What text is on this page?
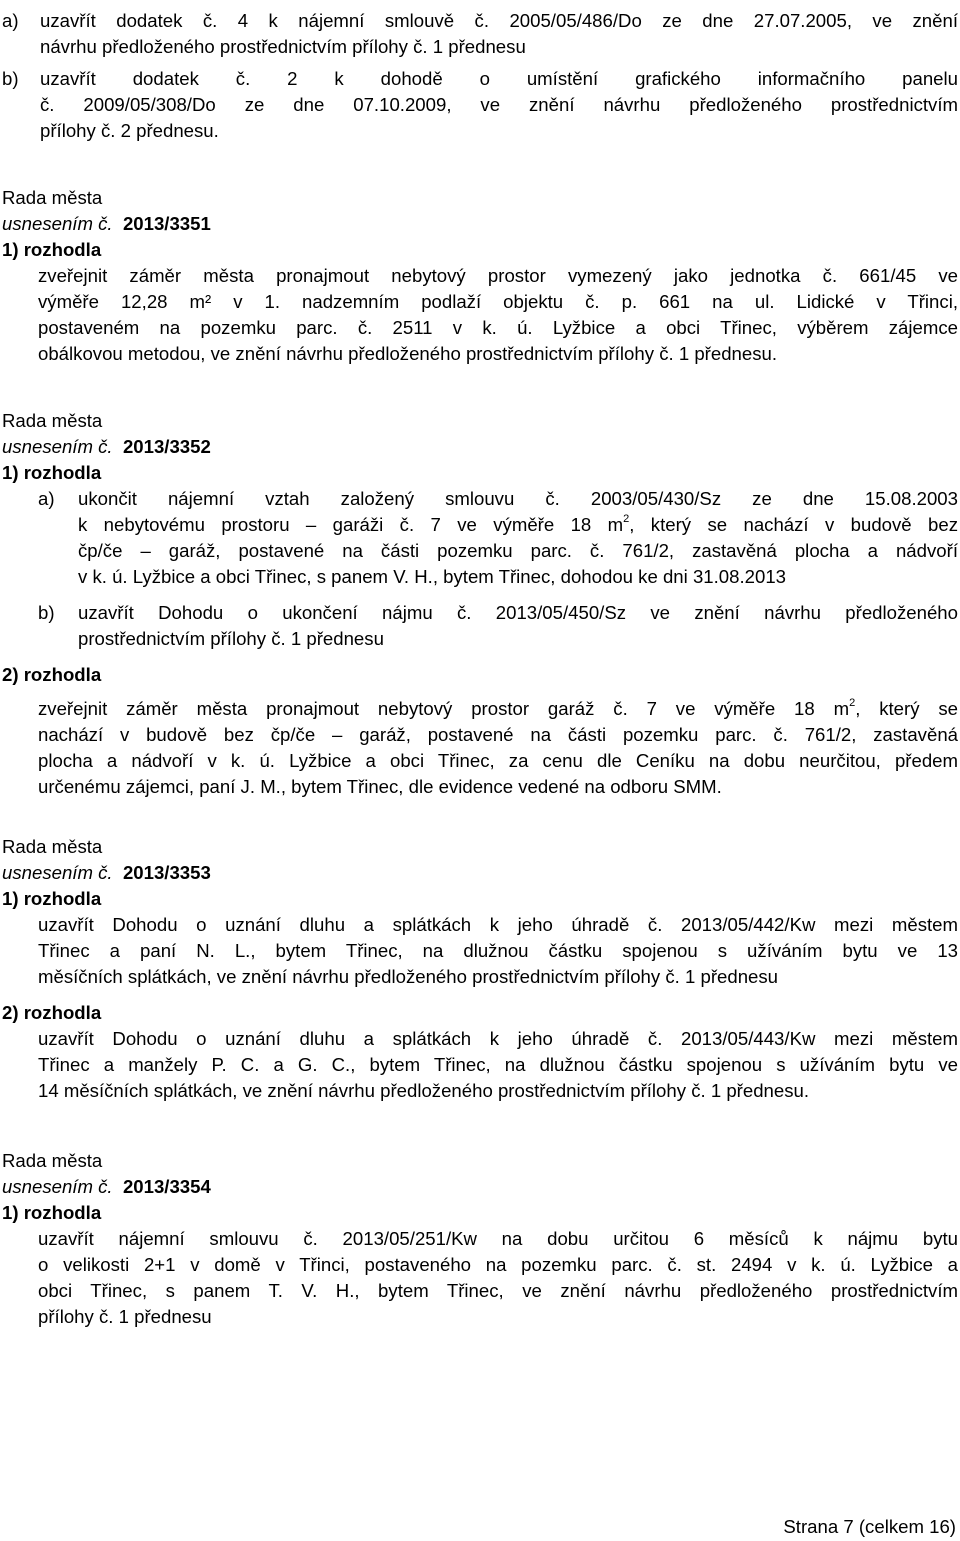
a)	uzavřít dodatek č. 4 k nájemní smlouvě č. 2005/05/486/Do ze dne 27.07.2005, ve znění
návrhu předloženého prostřednictvím přílohy č. 1 přednesu
b)	uzavřít dodatek č. 2 k dohodě o umístění grafického informačního panelu
č. 2009/05/308/Do ze dne 07.10.2009, ve znění návrhu předloženého prostřednictvím
přílohy č. 2 přednesu.
Rada města
usnesením č. 2013/3351
1) rozhodla
zveřejnit záměr města pronajmout nebytový prostor vymezený jako jednotka č. 661/45 ve
výměře 12,28 m² v 1. nadzemním podlaží objektu č. p. 661 na ul. Lidické v Třinci,
postaveném na pozemku parc. č. 2511 v k. ú. Lyžbice a obci Třinec, výběrem zájemce
obálkovou metodou, ve znění návrhu předloženého prostřednictvím přílohy č. 1 přednesu.
Rada města
usnesením č. 2013/3352
1) rozhodla
a)	ukončit nájemní vztah založený smlouvu č. 2003/05/430/Sz ze dne 15.08.2003
k nebytovému prostoru – garáži č. 7 ve výměře 18 $m^2$, který se nachází v budově bez
čp/če – garáž, postavené na části pozemku parc. č. 761/2, zastavěná plocha a nádvoří
v k. ú. Lyžbice a obci Třinec, s panem V. H., bytem Třinec, dohodou ke dni 31.08.2013
b)	uzavřít Dohodu o ukončení nájmu č. 2013/05/450/Sz ve znění návrhu předloženého
prostřednictvím přílohy č. 1 přednesu
2) rozhodla
zveřejnit záměr města pronajmout nebytový prostor garáž č. 7 ve výměře 18 $m^2$, který se
nachází v budově bez čp/če – garáž, postavené na části pozemku parc. č. 761/2, zastavěná
plocha a nádvoří v k. ú. Lyžbice a obci Třinec, za cenu dle Ceníku na dobu neurčitou, předem
určenému zájemci, paní J. M., bytem Třinec, dle evidence vedené na odboru SMM.
Rada města
usnesením č. 2013/3353
1) rozhodla
uzavřít Dohodu o uznání dluhu a splátkách k jeho úhradě č. 2013/05/442/Kw mezi městem
Třinec a paní N. L., bytem Třinec, na dlužnou částku spojenou s užíváním bytu ve 13
měsíčních splátkách, ve znění návrhu předloženého prostřednictvím přílohy č. 1 přednesu
2) rozhodla
uzavřít Dohodu o uznání dluhu a splátkách k jeho úhradě č. 2013/05/443/Kw mezi městem
Třinec a manžely P. C. a G. C., bytem Třinec, na dlužnou částku spojenou s užíváním bytu ve
14 měsíčních splátkách, ve znění návrhu předloženého prostřednictvím přílohy č. 1 přednesu.
Rada města
usnesením č. 2013/3354
1) rozhodla
uzavřít nájemní smlouvu č. 2013/05/251/Kw na dobu určitou 6 měsíců k nájmu bytu
o velikosti 2+1 v domě v Třinci, postaveného na pozemku parc. č. st. 2494 v k. ú. Lyžbice a
obci Třinec, s panem T. V. H., bytem Třinec, ve znění návrhu předloženého prostřednictvím
přílohy č. 1 přednesu
Strana 7 (celkem 16)
